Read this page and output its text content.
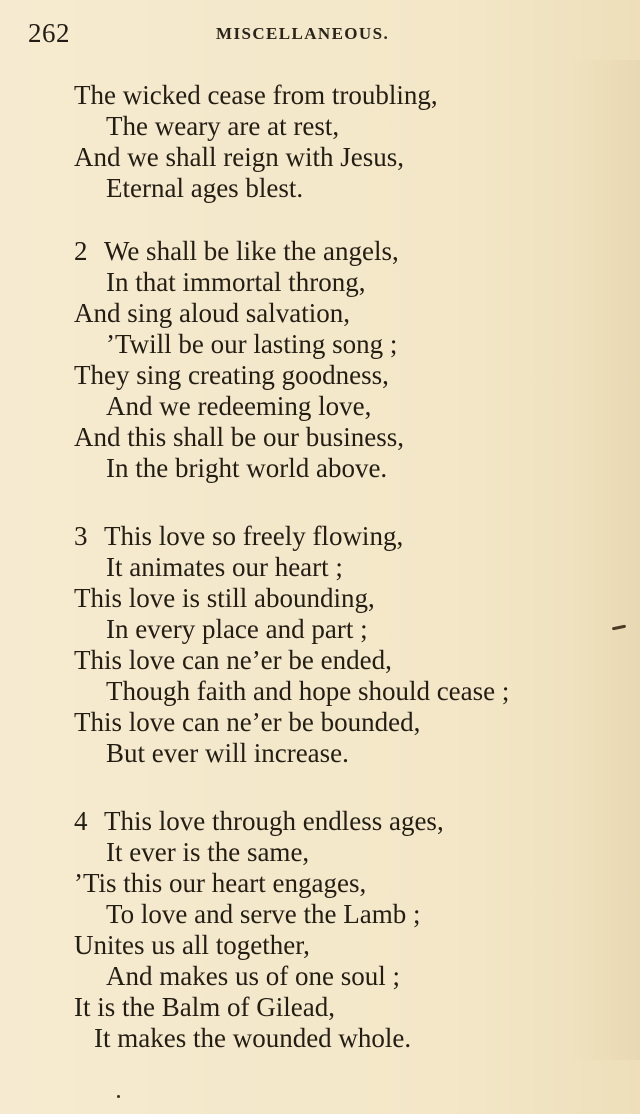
262	MISCELLANEOUS.
The wicked cease from troubling,
The weary are at rest,
And we shall reign with Jesus,
Eternal ages blest.
2 We shall be like the angels,
In that immortal throng,
And sing aloud salvation,
’Twill be our lasting song ;
They sing creating goodness,
And we redeeming love,
And this shall be our business,
In the bright world above.
3 This love so freely flowing,
It animates our heart ;
This love is still abounding,
In every place and part ;
This love can ne’er be ended,
Though faith and hope should cease ;
This love can ne’er be bounded,
But ever will increase.
4 This love through endless ages,
It ever is the same,
’Tis this our heart engages,
To love and serve the Lamb ;
Unites us all together,
And makes us of one soul ;
It is the Balm of Gilead,
It makes the wounded whole.
